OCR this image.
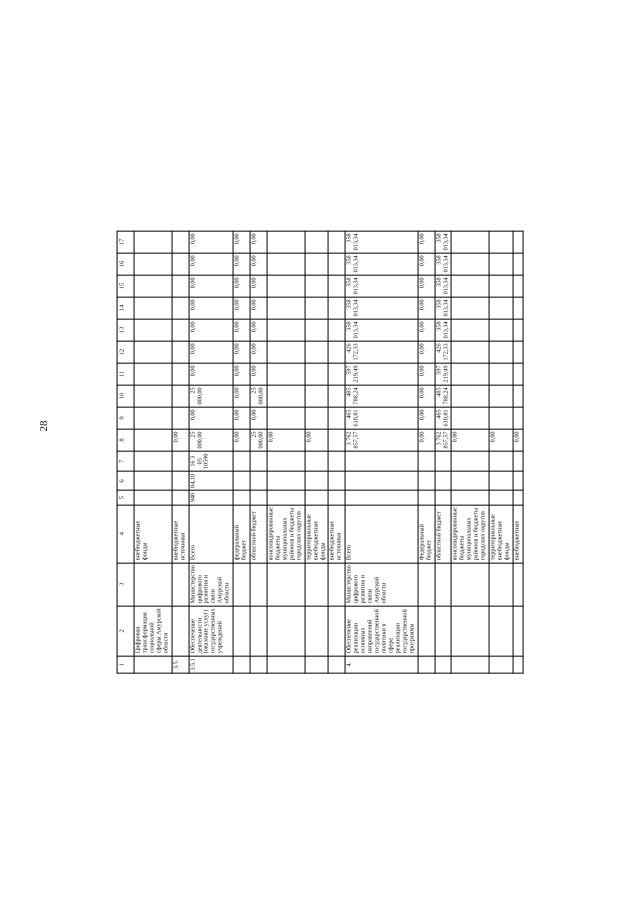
28
1	2	3	4	5	6	7	8	9	10	11	12	13	14	15	16	17
	Цифровая трансформация социальной сферы Амурской области		внебюджетные фонды													
3.5.			внебюджетные источники				0,00									
3.5.1	Обеспечение деятельности (оказание услуг) государственных учреждений	Министерство цифрового развития и связи Амурской области	Всего	940	04,10	16 3 05 10590	25 000,00	0,00	25 000,00	0,00	0,00	0,00	0,00	0,00	0,00	0,00
			федеральный бюджет				0,00	0,00	0,00	0,00	0,00	0,00	0,00	0,00	0,00	0,00
			областной бюджет				25 000,00	0,00	25 000,00	0,00	0,00	0,00	0,00	0,00	0,00	0,00
			консолидированные бюджеты муниципальных районов и бюджеты городских округов				0,00									
			территориальные внебюджетные фонды				0,00									
			внебюджетные источники													
4.	Обеспечение реализации основных направлений государственной политики в сфере реализации государственной программы	Министерство цифрового развития и связи Амурской области	Всего				3 762 857,57	465 610,81	485 788,24	597 219,49	426 172,33	358 013,34	358 013,34	358 013,34	358 013,34	358 013,34
			Федеральный бюджет				0,00	0,00	0,00	0,00	0,00	0,00	0,00	0,00	0,00	0,00
			областной бюджет				3 762 857,57	465 610,81	485 788,24	597 219,49	426 172,33	358 013,34	358 013,34	358 013,34	358 013,34	358 013,34
			консолидированные бюджеты муниципальных районов и бюджеты городских округов				0,00									
			территориальные внебюджетные фонды				0,00									
			внебюджетные				0,00									
